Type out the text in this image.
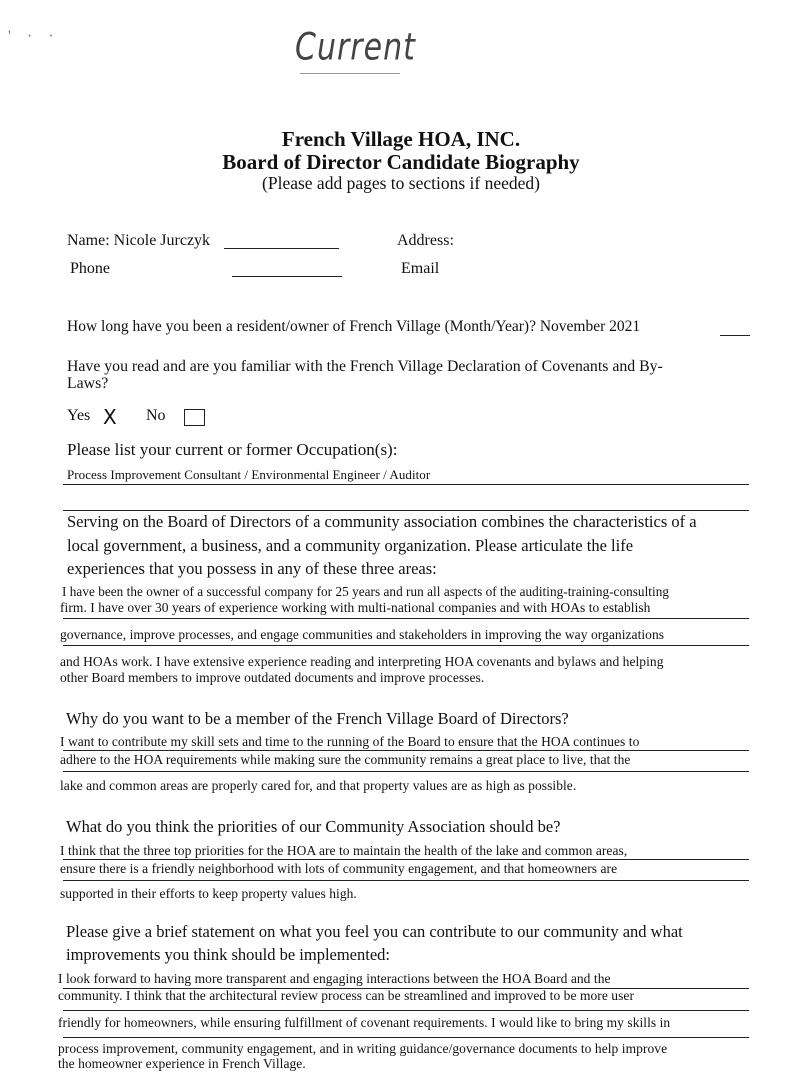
' · ·	Current
French Village HOA, INC.
Board of Director Candidate Biography
(Please add pages to sections if needed)
Name: Nicole Jurczyk	Address:
Phone	Email
How long have you been a resident/owner of French Village (Month/Year)? November 2021
Have you read and are you familiar with the French Village Declaration of Covenants and By-
Laws?
Yes X No
Please list your current or former Occupation(s):
Process Improvement Consultant / Environmental Engineer / Auditor
Serving on the Board of Directors of a community association combines the characteristics of a
local government, a business, and a community organization. Please articulate the life
experiences that you possess in any of these three areas:
I have been the owner of a successful company for 25 years and run all aspects of the auditing-training-consulting
firm. I have over 30 years of experience working with multi-national companies and with HOAs to establish
governance, improve processes, and engage communities and stakeholders in improving the way organizations
and HOAs work. I have extensive experience reading and interpreting HOA covenants and bylaws and helping
other Board members to improve outdated documents and improve processes.
Why do you want to be a member of the French Village Board of Directors?
I want to contribute my skill sets and time to the running of the Board to ensure that the HOA continues to
adhere to the HOA requirements while making sure the community remains a great place to live, that the
lake and common areas are properly cared for, and that property values are as high as possible.
What do you think the priorities of our Community Association should be?
I think that the three top priorities for the HOA are to maintain the health of the lake and common areas,
ensure there is a friendly neighborhood with lots of community engagement, and that homeowners are
supported in their efforts to keep property values high.
Please give a brief statement on what you feel you can contribute to our community and what
improvements you think should be implemented:
I look forward to having more transparent and engaging interactions between the HOA Board and the
community. I think that the architectural review process can be streamlined and improved to be more user
friendly for homeowners, while ensuring fulfillment of covenant requirements. I would like to bring my skills in
process improvement, community engagement, and in writing guidance/governance documents to help improve
the homeowner experience in French Village.
